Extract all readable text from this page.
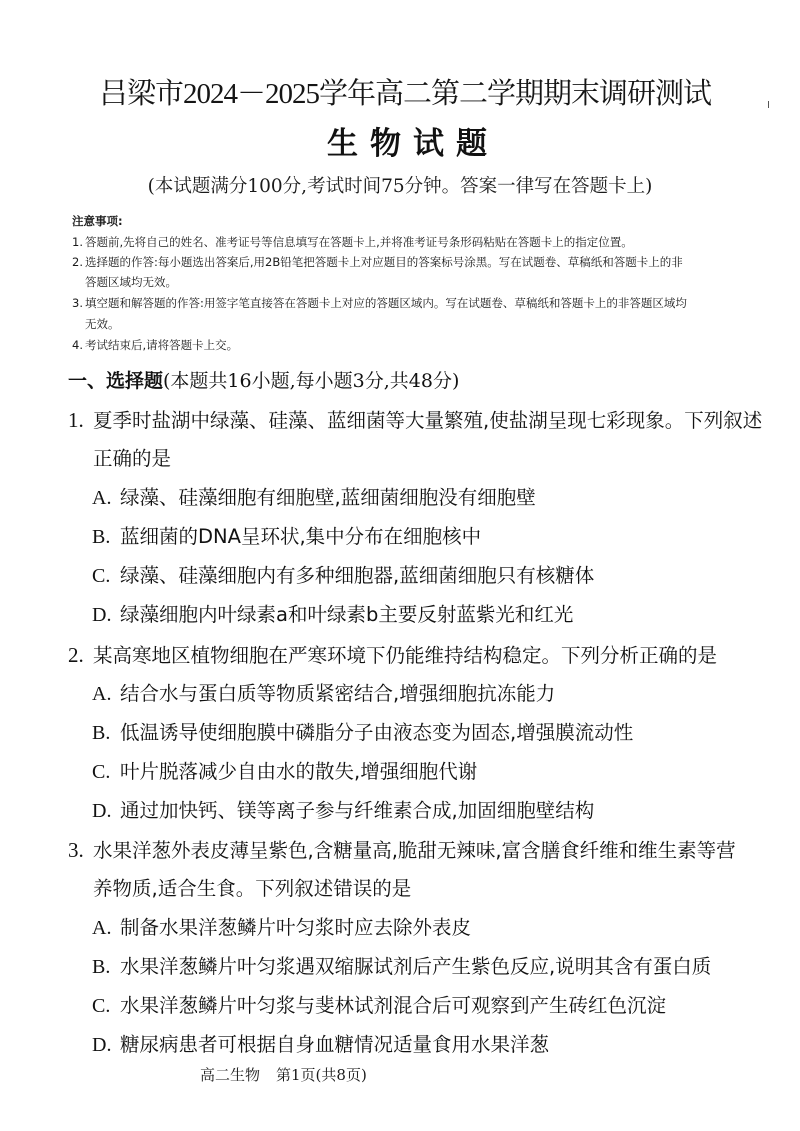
吕梁市2024－2025学年高二第二学期期末调研测试
生物试题
(本试题满分100分,考试时间75分钟。答案一律写在答题卡上)
注意事项:
1. 答题前,先将自己的姓名、准考证号等信息填写在答题卡上,并将准考证号条形码粘贴在答题卡上的指定位置。
2. 选择题的作答:每小题选出答案后,用2B铅笔把答题卡上对应题目的答案标号涂黑。写在试题卷、草稿纸和答题卡上的非
答题区域均无效。
3. 填空题和解答题的作答:用签字笔直接答在答题卡上对应的答题区域内。写在试题卷、草稿纸和答题卡上的非答题区域均
无效。
4. 考试结束后,请将答题卡上交。
一、选择题(本题共16小题,每小题3分,共48分)
1. 夏季时盐湖中绿藻、硅藻、蓝细菌等大量繁殖,使盐湖呈现七彩现象。下列叙述
正确的是
A. 绿藻、硅藻细胞有细胞壁,蓝细菌细胞没有细胞壁
B. 蓝细菌的DNA呈环状,集中分布在细胞核中
C. 绿藻、硅藻细胞内有多种细胞器,蓝细菌细胞只有核糖体
D. 绿藻细胞内叶绿素a和叶绿素b主要反射蓝紫光和红光
2. 某高寒地区植物细胞在严寒环境下仍能维持结构稳定。下列分析正确的是
A. 结合水与蛋白质等物质紧密结合,增强细胞抗冻能力
B. 低温诱导使细胞膜中磷脂分子由液态变为固态,增强膜流动性
C. 叶片脱落减少自由水的散失,增强细胞代谢
D. 通过加快钙、镁等离子参与纤维素合成,加固细胞壁结构
3. 水果洋葱外表皮薄呈紫色,含糖量高,脆甜无辣味,富含膳食纤维和维生素等营
养物质,适合生食。下列叙述错误的是
A. 制备水果洋葱鳞片叶匀浆时应去除外表皮
B. 水果洋葱鳞片叶匀浆遇双缩脲试剂后产生紫色反应,说明其含有蛋白质
C. 水果洋葱鳞片叶匀浆与斐林试剂混合后可观察到产生砖红色沉淀
D. 糖尿病患者可根据自身血糖情况适量食用水果洋葱
高二生物 第1页(共8页)
